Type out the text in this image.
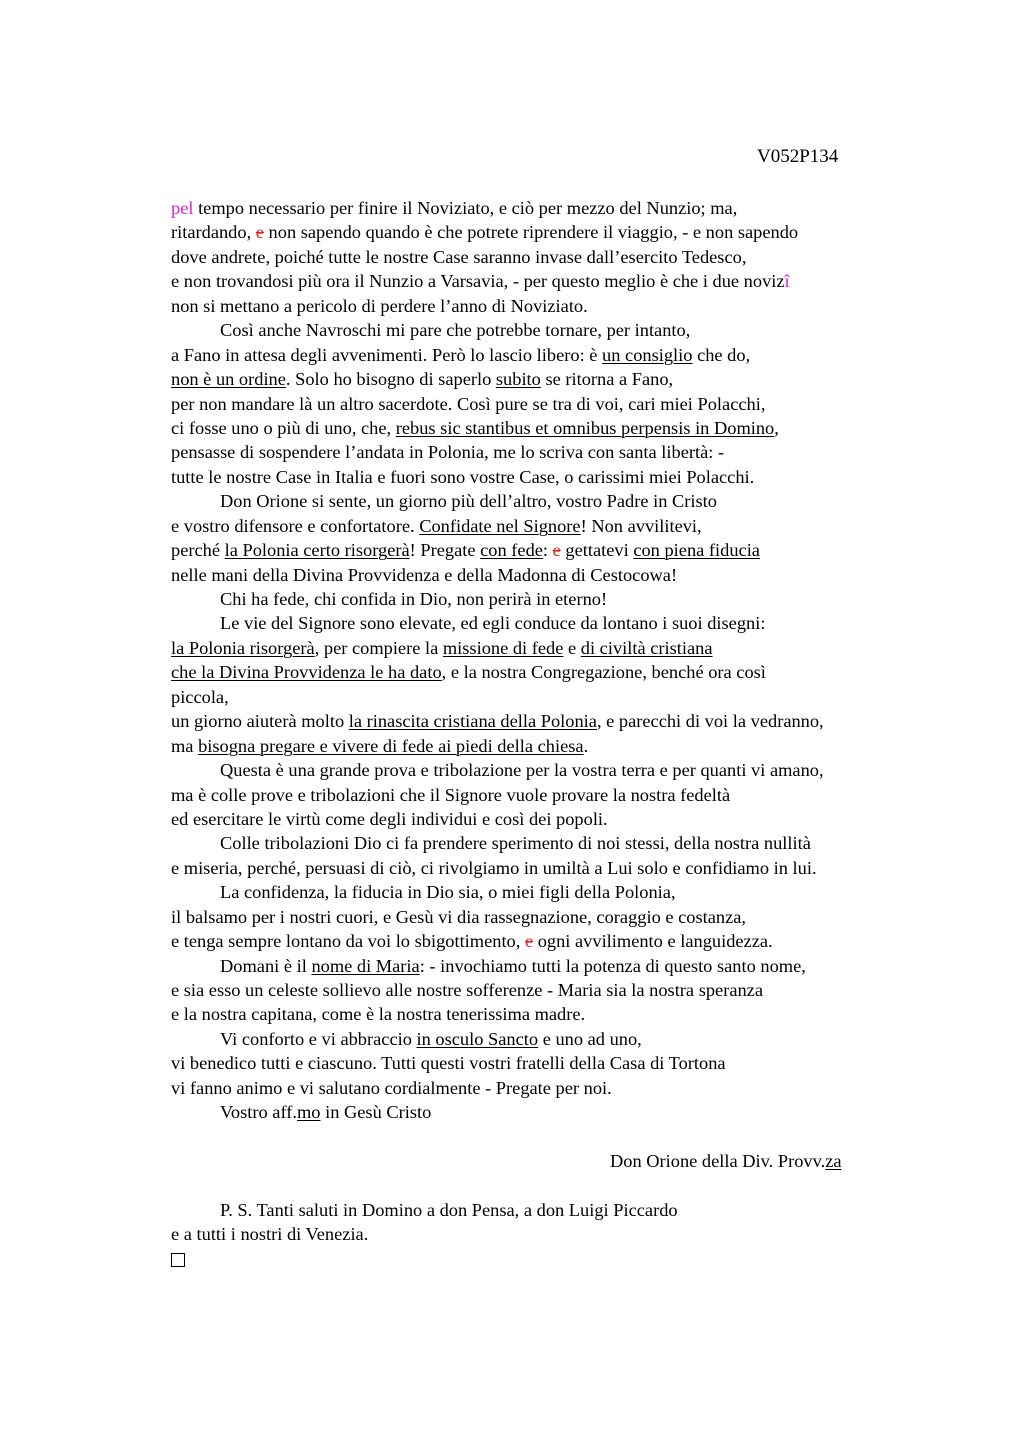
V052P134
pel tempo necessario per finire il Noviziato, e ciò per mezzo del Nunzio; ma,
ritardando, e non sapendo quando è che potrete riprendere il viaggio, - e non sapendo
dove andrete, poiché tutte le nostre Case saranno invase dall’esercito Tedesco,
e non trovandosi più ora il Nunzio a Varsavia, - per questo meglio è che i due novizî
non si mettano a pericolo di perdere l’anno di Noviziato.
Così anche Navroschi mi pare che potrebbe tornare, per intanto,
a Fano in attesa degli avvenimenti. Però lo lascio libero: è un consiglio che do,
non è un ordine. Solo ho bisogno di saperlo subito se ritorna a Fano,
per non mandare là un altro sacerdote. Così pure se tra di voi, cari miei Polacchi,
ci fosse uno o più di uno, che, rebus sic stantibus et omnibus perpensis in Domino,
pensasse di sospendere l’andata in Polonia, me lo scriva con santa libertà: -
tutte le nostre Case in Italia e fuori sono vostre Case, o carissimi miei Polacchi.
Don Orione si sente, un giorno più dell’altro, vostro Padre in Cristo
e vostro difensore e confortatore. Confidate nel Signore! Non avvilitevi,
perché la Polonia certo risorgerà! Pregate con fede: e gettatevi con piena fiducia
nelle mani della Divina Provvidenza e della Madonna di Cestocowa!
Chi ha fede, chi confida in Dio, non perirà in eterno!
Le vie del Signore sono elevate, ed egli conduce da lontano i suoi disegni:
la Polonia risorgerà, per compiere la missione di fede e di civiltà cristiana
che la Divina Provvidenza le ha dato, e la nostra Congregazione, benché ora così
piccola,
un giorno aiuterà molto la rinascita cristiana della Polonia, e parecchi di voi la vedranno,
ma bisogna pregare e vivere di fede ai piedi della chiesa.
Questa è una grande prova e tribolazione per la vostra terra e per quanti vi amano,
ma è colle prove e tribolazioni che il Signore vuole provare la nostra fedeltà
ed esercitare le virtù come degli individui e così dei popoli.
Colle tribolazioni Dio ci fa prendere sperimento di noi stessi, della nostra nullità
e miseria, perché, persuasi di ciò, ci rivolgiamo in umiltà a Lui solo e confidiamo in lui.
La confidenza, la fiducia in Dio sia, o miei figli della Polonia,
il balsamo per i nostri cuori, e Gesù vi dia rassegnazione, coraggio e costanza,
e tenga sempre lontano da voi lo sbigottimento, e ogni avvilimento e languidezza.
Domani è il nome di Maria: - invochiamo tutti la potenza di questo santo nome,
e sia esso un celeste sollievo alle nostre sofferenze - Maria sia la nostra speranza
e la nostra capitana, come è la nostra tenerissima madre.
Vi conforto e vi abbraccio in osculo Sancto e uno ad uno,
vi benedico tutti e ciascuno. Tutti questi vostri fratelli della Casa di Tortona
vi fanno animo e vi salutano cordialmente - Pregate per noi.
Vostro aff.mo in Gesù Cristo
Don Orione della Div. Provv.za
P. S. Tanti saluti in Domino a don Pensa, a don Luigi Piccardo
e a tutti i nostri di Venezia.
